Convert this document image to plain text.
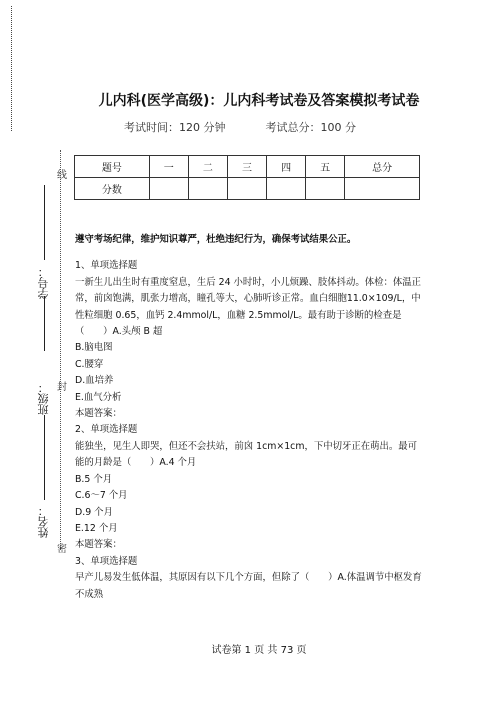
线
封
密
学号：
班级：
姓名：
儿内科(医学高级)：儿内科考试卷及答案模拟考试卷
考试时间：120 分钟	考试总分：100 分
题号	一	二	三	四	五	总分
分数						

遵守考场纪律，维护知识尊严，杜绝违纪行为，确保考试结果公正。

1、单项选择题

一新生儿出生时有重度窒息，生后 24 小时时，小儿烦躁、肢体抖动。体检：体温正常，前囟饱满，肌张力增高，瞳孔等大，心肺听诊正常。血白细胞11.0×109/L，中性粒细胞 0.65，血钙 2.4mmol/L，血糖 2.5mmol/L。最有助于诊断的检查是（　　）A.头颅 B 超

B.脑电图

C.腰穿

D.血培养

E.血气分析

本题答案：

2、单项选择题

能独坐，见生人即哭，但还不会扶站，前囟 1cm×1cm，下中切牙正在萌出。最可能的月龄是（　　）A.4 个月

B.5 个月

C.6～7 个月

D.9 个月

E.12 个月

本题答案：

3、单项选择题

早产儿易发生低体温，其原因有以下几个方面，但除了（　　）A.体温调节中枢发育不成熟

试卷第 1 页 共 73 页
